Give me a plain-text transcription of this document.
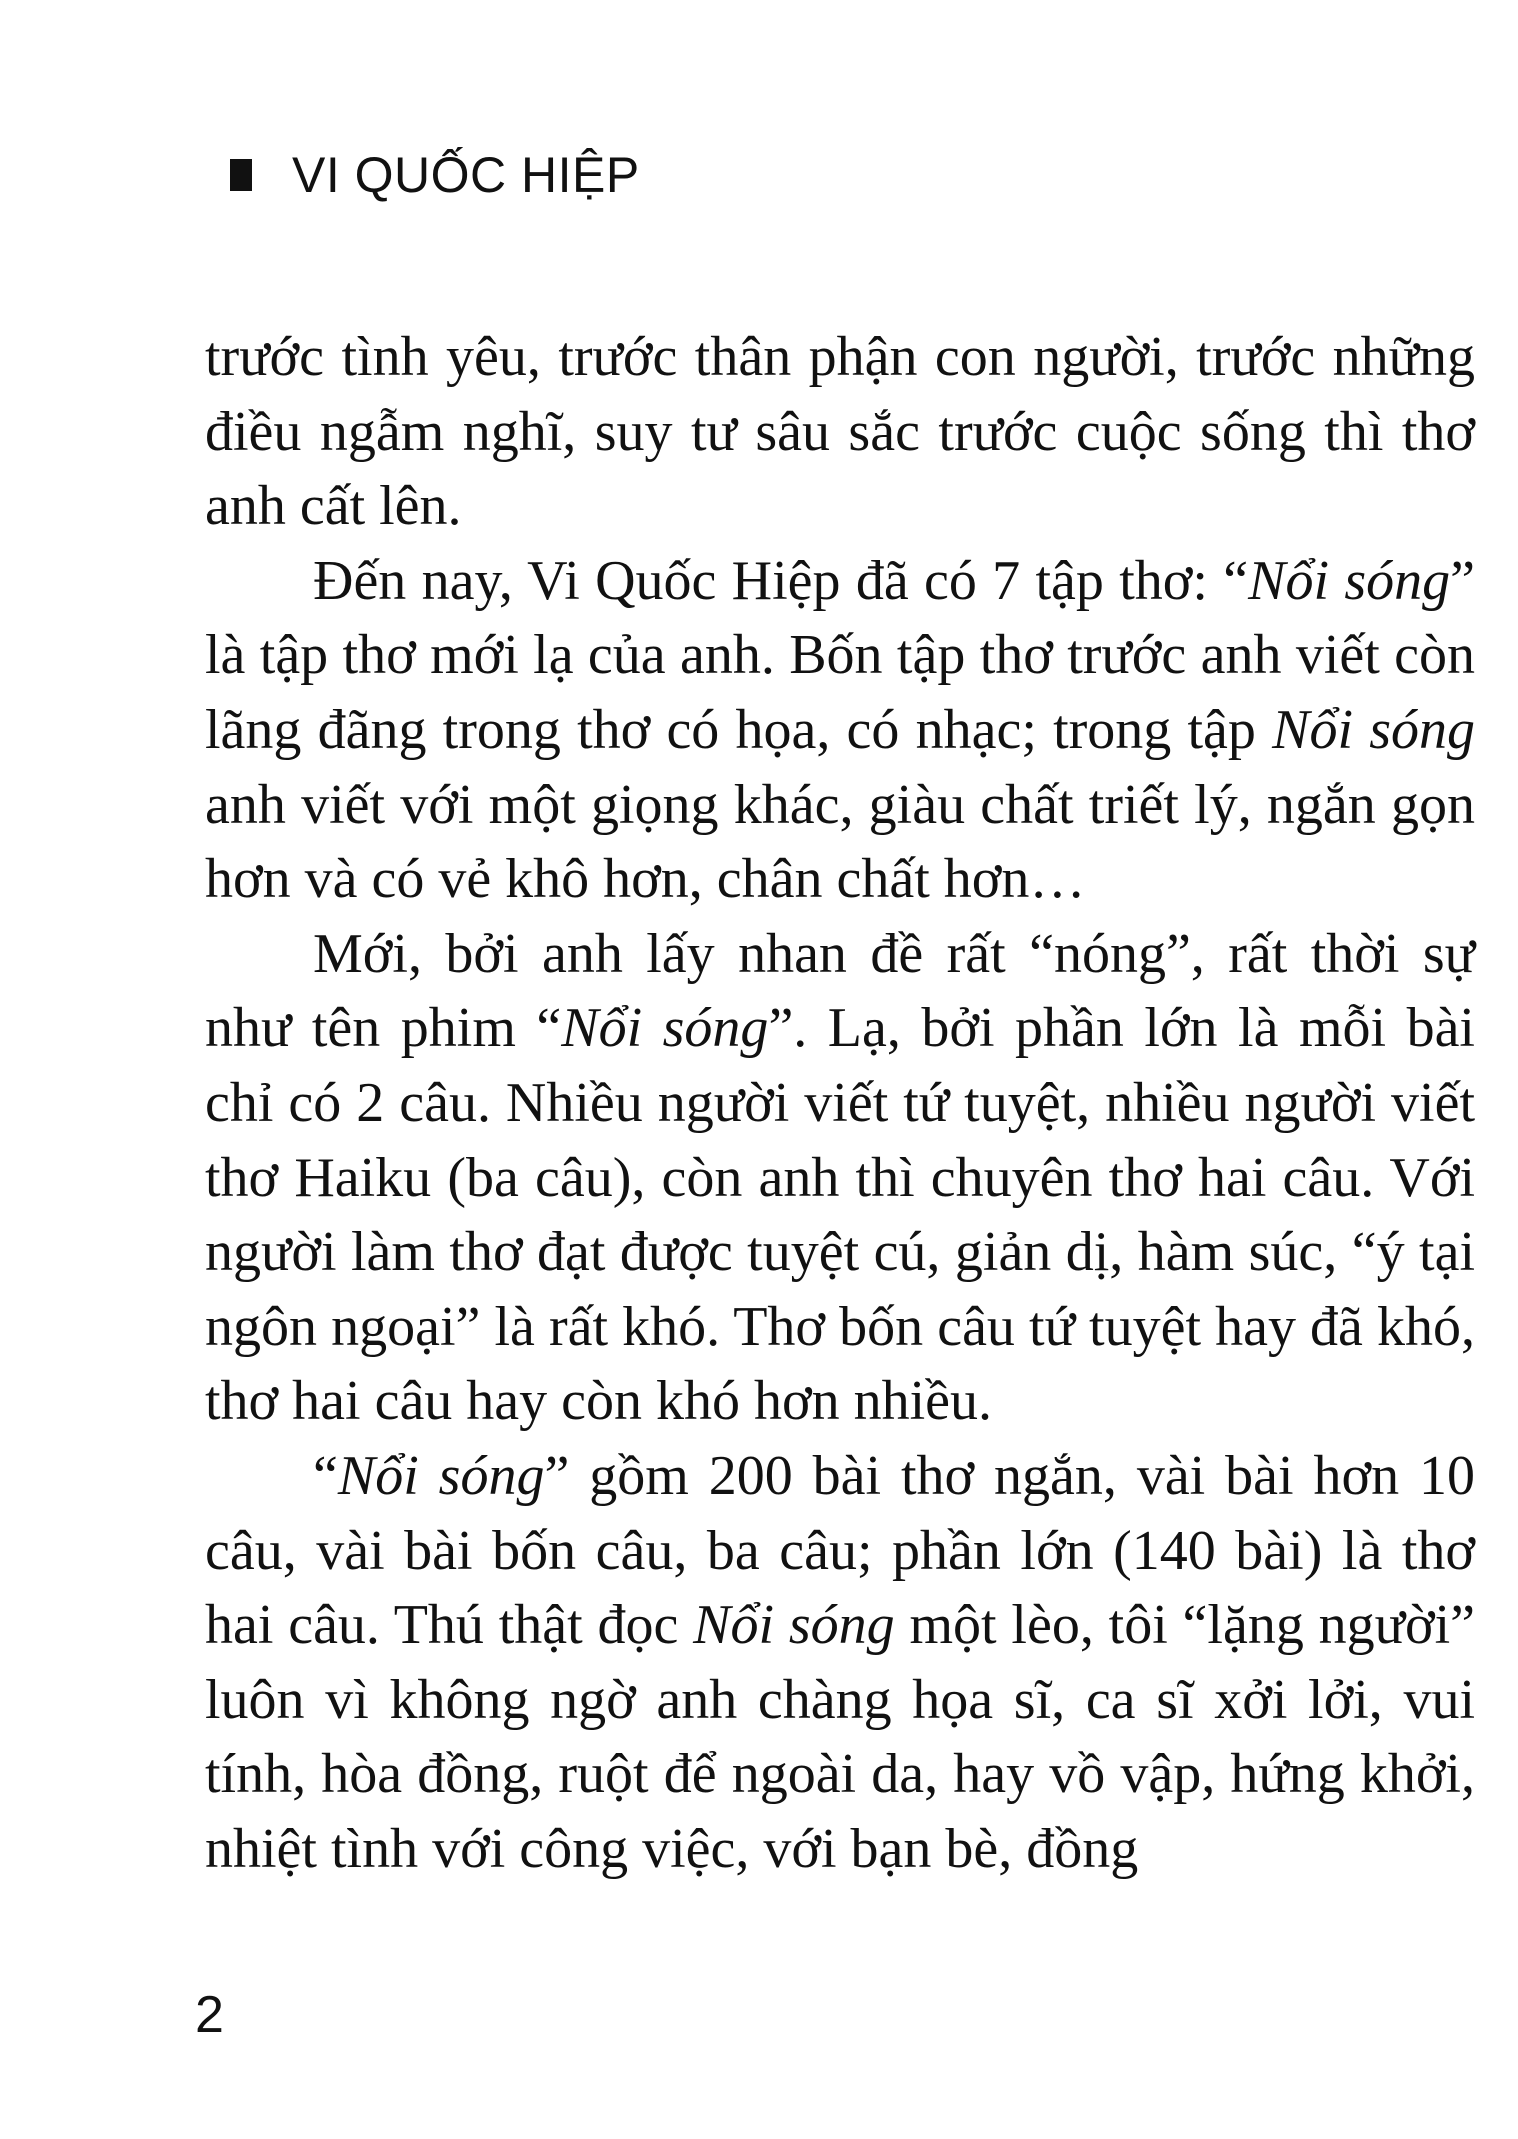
VI QUỐC HIỆP

trước tình yêu, trước thân phận con người, trước những điều ngẫm nghĩ, suy tư sâu sắc trước cuộc sống thì thơ anh cất lên.

Đến nay, Vi Quốc Hiệp đã có 7 tập thơ: “Nổi sóng” là tập thơ mới lạ của anh. Bốn tập thơ trước anh viết còn lãng đãng trong thơ có họa, có nhạc; trong tập Nổi sóng anh viết với một giọng khác, giàu chất triết lý, ngắn gọn hơn và có vẻ khô hơn, chân chất hơn…

Mới, bởi anh lấy nhan đề rất “nóng”, rất thời sự như tên phim “Nổi sóng”. Lạ, bởi phần lớn là mỗi bài chỉ có 2 câu. Nhiều người viết tứ tuyệt, nhiều người viết thơ Haiku (ba câu), còn anh thì chuyên thơ hai câu. Với người làm thơ đạt được tuyệt cú, giản dị, hàm súc, “ý tại ngôn ngoại” là rất khó. Thơ bốn câu tứ tuyệt hay đã khó, thơ hai câu hay còn khó hơn nhiều.

“Nổi sóng” gồm 200 bài thơ ngắn, vài bài hơn 10 câu, vài bài bốn câu, ba câu; phần lớn (140 bài) là thơ hai câu. Thú thật đọc Nổi sóng một lèo, tôi “lặng người” luôn vì không ngờ anh chàng họa sĩ, ca sĩ xởi lởi, vui tính, hòa đồng, ruột để ngoài da, hay vồ vập, hứng khởi, nhiệt tình với công việc, với bạn bè, đồng

2
